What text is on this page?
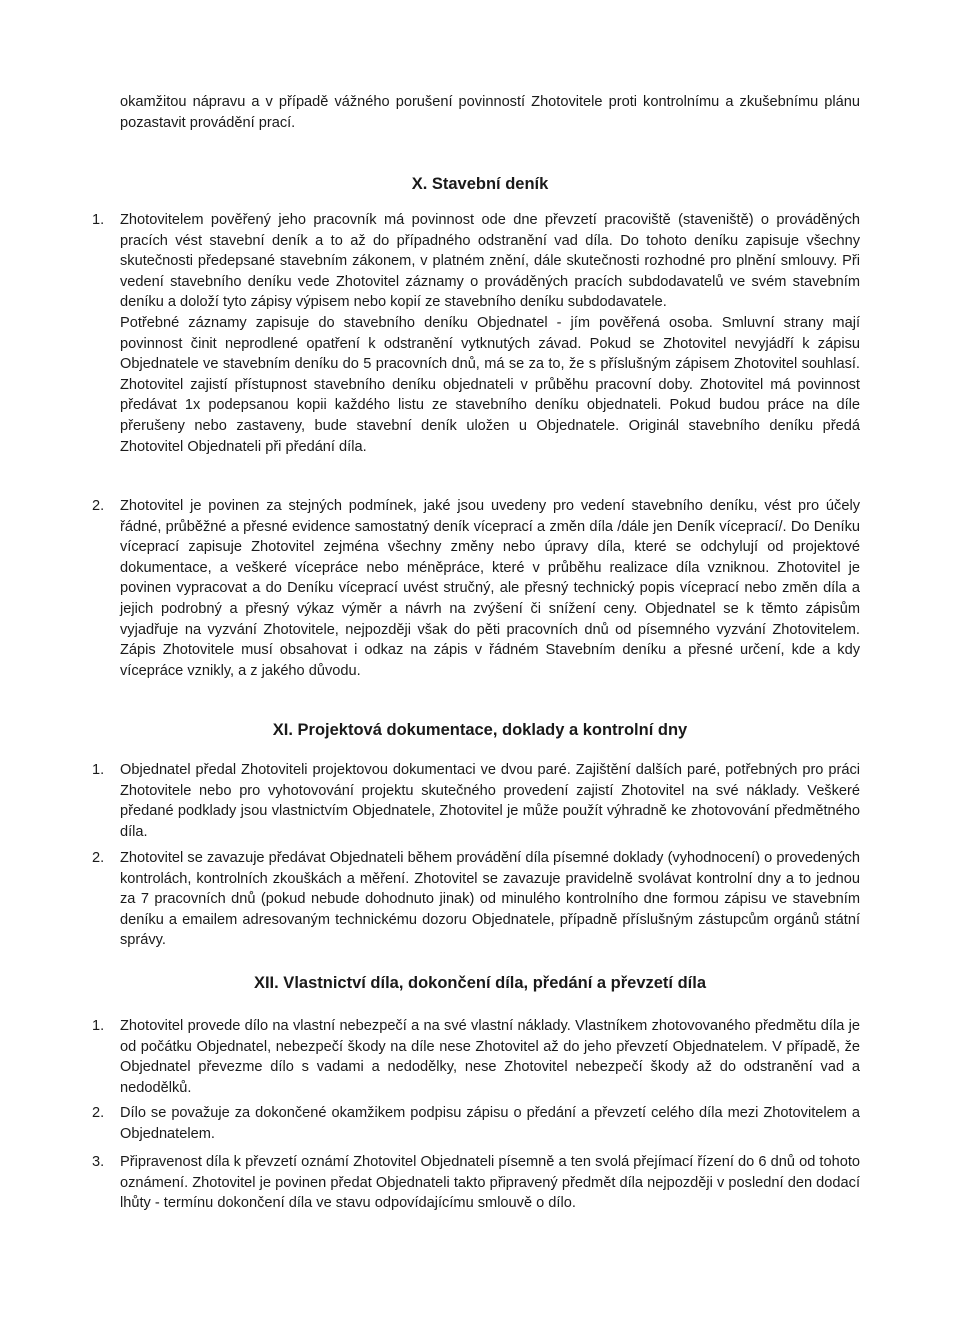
okamžitou nápravu a v případě vážného porušení povinností Zhotovitele proti kontrolnímu a zkušebnímu plánu pozastavit provádění prací.

X. Stavební deník
1. Zhotovitelem pověřený jeho pracovník má povinnost ode dne převzetí pracoviště (staveniště) o prováděných pracích vést stavební deník a to až do případného odstranění vad díla. Do tohoto deníku zapisuje všechny skutečnosti předepsané stavebním zákonem, v platném znění, dále skutečnosti rozhodné pro plnění smlouvy. Při vedení stavebního deníku vede Zhotovitel záznamy o prováděných pracích subdodavatelů ve svém stavebním deníku a doloží tyto zápisy výpisem nebo kopií ze stavebního deníku subdodavatele.

Potřebné záznamy zapisuje do stavebního deníku Objednatel - jím pověřená osoba. Smluvní strany mají povinnost činit neprodlené opatření k odstranění vytknutých závad. Pokud se Zhotovitel nevyjádří k zápisu Objednatele ve stavebním deníku do 5 pracovních dnů, má se za to, že s příslušným zápisem Zhotovitel souhlasí. Zhotovitel zajistí přístupnost stavebního deníku objednateli v průběhu pracovní doby. Zhotovitel má povinnost předávat 1x podepsanou kopii každého listu ze stavebního deníku objednateli. Pokud budou práce na díle přerušeny nebo zastaveny, bude stavební deník uložen u Objednatele. Originál stavebního deníku předá Zhotovitel Objednateli při předání díla.

2. Zhotovitel je povinen za stejných podmínek, jaké jsou uvedeny pro vedení stavebního deníku, vést pro účely řádné, průběžné a přesné evidence samostatný deník víceprací a změn díla /dále jen Deník víceprací/. Do Deníku víceprací zapisuje Zhotovitel zejména všechny změny nebo úpravy díla, které se odchylují od projektové dokumentace, a veškeré vícepráce nebo méněpráce, které v průběhu realizace díla vzniknou. Zhotovitel je povinen vypracovat a do Deníku víceprací uvést stručný, ale přesný technický popis víceprací nebo změn díla a jejich podrobný a přesný výkaz výměr a návrh na zvýšení či snížení ceny. Objednatel se k těmto zápisům vyjadřuje na vyzvání Zhotovitele, nejpozději však do pěti pracovních dnů od písemného vyzvání Zhotovitelem. Zápis Zhotovitele musí obsahovat i odkaz na zápis v řádném Stavebním deníku a přesné určení, kde a kdy vícepráce vznikly, a z jakého důvodu.

XI. Projektová dokumentace, doklady a kontrolní dny
1. Objednatel předal Zhotoviteli projektovou dokumentaci ve dvou paré. Zajištění dalších paré, potřebných pro práci Zhotovitele nebo pro vyhotovování projektu skutečného provedení zajistí Zhotovitel na své náklady. Veškeré předané podklady jsou vlastnictvím Objednatele, Zhotovitel je může použít výhradně ke zhotovování předmětného díla.

2. Zhotovitel se zavazuje předávat Objednateli během provádění díla písemné doklady (vyhodnocení) o provedených kontrolách, kontrolních zkouškách a měření. Zhotovitel se zavazuje pravidelně svolávat kontrolní dny a to jednou za 7 pracovních dnů (pokud nebude dohodnuto jinak) od minulého kontrolního dne formou zápisu ve stavebním deníku a emailem adresovaným technickému dozoru Objednatele, případně příslušným zástupcům orgánů státní správy.

XII. Vlastnictví díla, dokončení díla, předání a převzetí díla
1. Zhotovitel provede dílo na vlastní nebezpečí a na své vlastní náklady. Vlastníkem zhotovovaného předmětu díla je od počátku Objednatel, nebezpečí škody na díle nese Zhotovitel až do jeho převzetí Objednatelem. V případě, že Objednatel převezme dílo s vadami a nedodělky, nese Zhotovitel nebezpečí škody až do odstranění vad a nedodělků.

2. Dílo se považuje za dokončené okamžikem podpisu zápisu o předání a převzetí celého díla mezi Zhotovitelem a Objednatelem.

3. Připravenost díla k převzetí oznámí Zhotovitel Objednateli písemně a ten svolá přejímací řízení do 6 dnů od tohoto oznámení. Zhotovitel je povinen předat Objednateli takto připravený předmět díla nejpozději v poslední den dodací lhůty - termínu dokončení díla ve stavu odpovídajícímu smlouvě o dílo.
